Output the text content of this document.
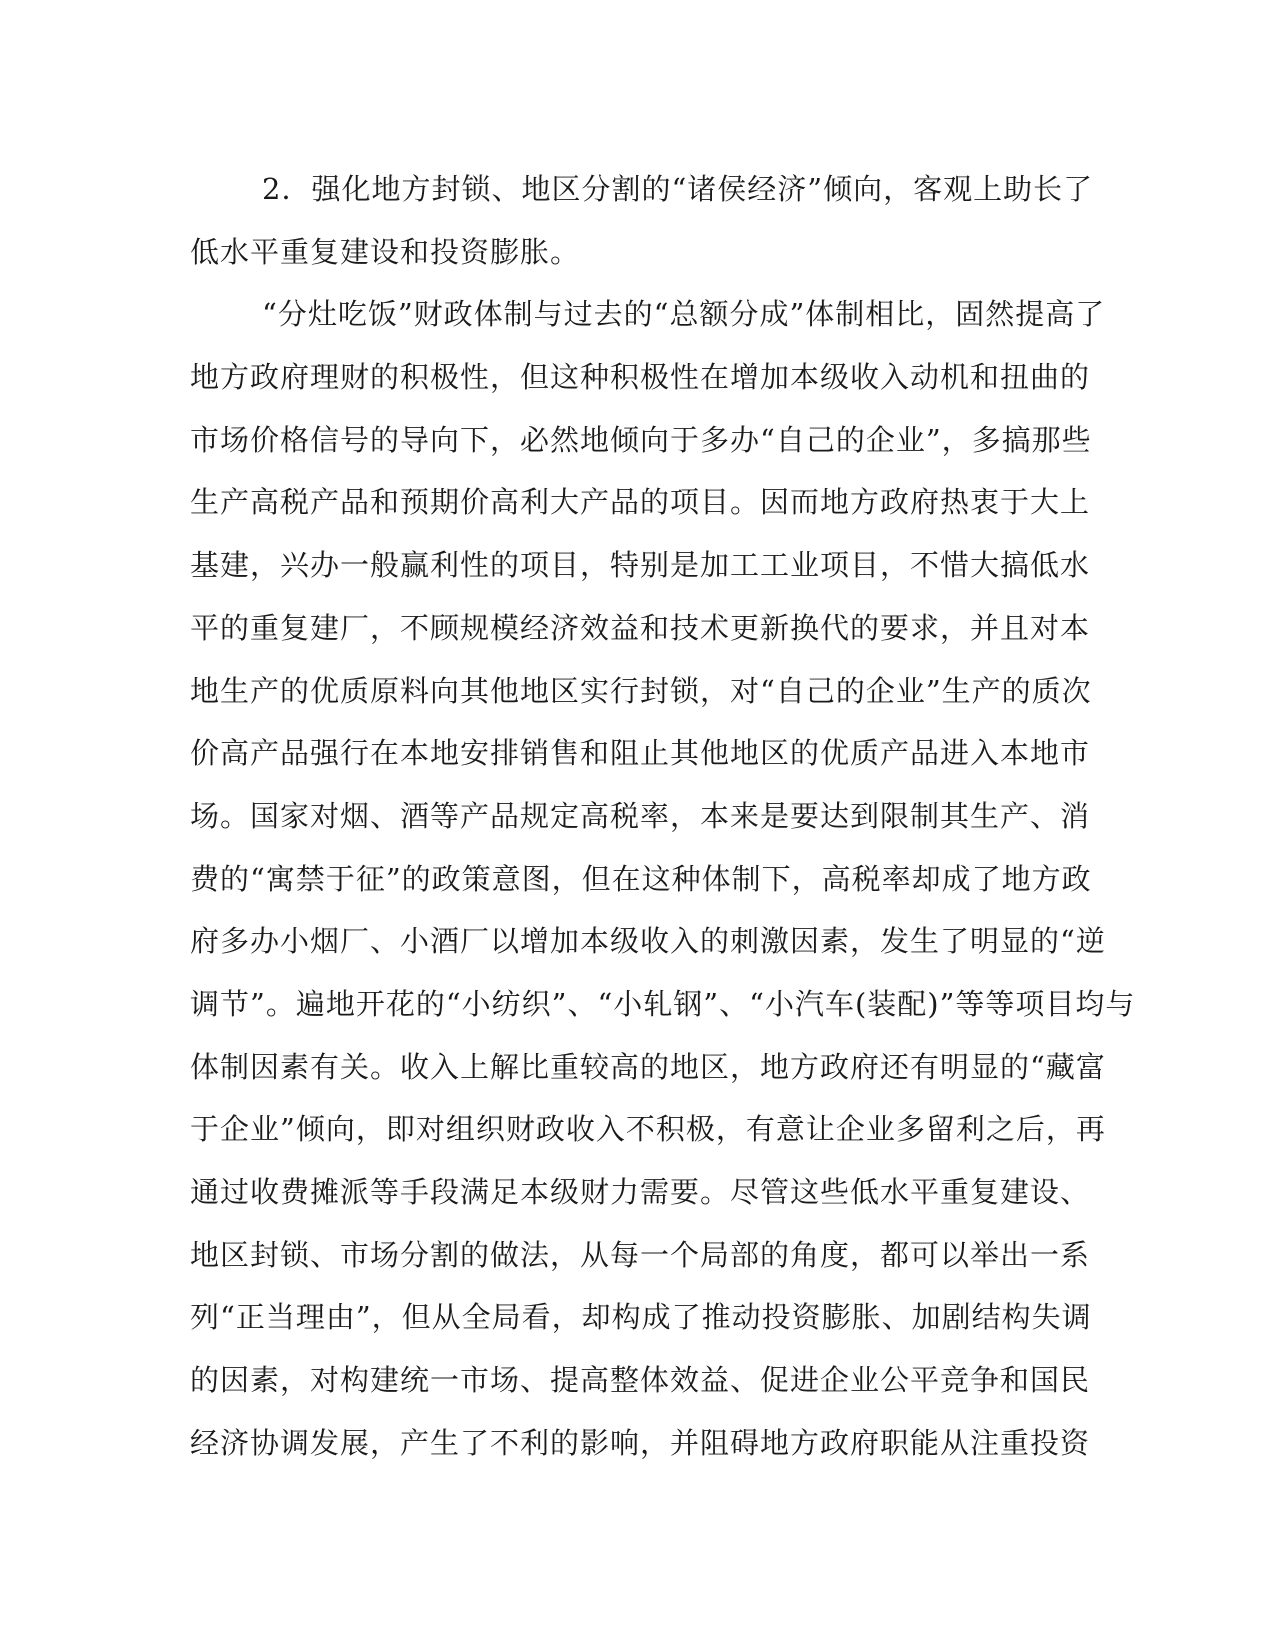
2．强化地方封锁、地区分割的“诸侯经济”倾向，客观上助长了
低水平重复建设和投资膨胀。
“分灶吃饭”财政体制与过去的“总额分成”体制相比，固然提高了
地方政府理财的积极性，但这种积极性在增加本级收入动机和扭曲的
市场价格信号的导向下，必然地倾向于多办“自己的企业”，多搞那些
生产高税产品和预期价高利大产品的项目。因而地方政府热衷于大上
基建，兴办一般赢利性的项目，特别是加工工业项目，不惜大搞低水
平的重复建厂，不顾规模经济效益和技术更新换代的要求，并且对本
地生产的优质原料向其他地区实行封锁，对“自己的企业”生产的质次
价高产品强行在本地安排销售和阻止其他地区的优质产品进入本地市
场。国家对烟、酒等产品规定高税率，本来是要达到限制其生产、消
费的“寓禁于征”的政策意图，但在这种体制下，高税率却成了地方政
府多办小烟厂、小酒厂以增加本级收入的刺激因素，发生了明显的“逆
调节”。遍地开花的“小纺织”、“小轧钢”、“小汽车(装配)”等等项目均与
体制因素有关。收入上解比重较高的地区，地方政府还有明显的“藏富
于企业”倾向，即对组织财政收入不积极，有意让企业多留利之后，再
通过收费摊派等手段满足本级财力需要。尽管这些低水平重复建设、
地区封锁、市场分割的做法，从每一个局部的角度，都可以举出一系
列“正当理由”，但从全局看，却构成了推动投资膨胀、加剧结构失调
的因素，对构建统一市场、提高整体效益、促进企业公平竞争和国民
经济协调发展，产生了不利的影响，并阻碍地方政府职能从注重投资
